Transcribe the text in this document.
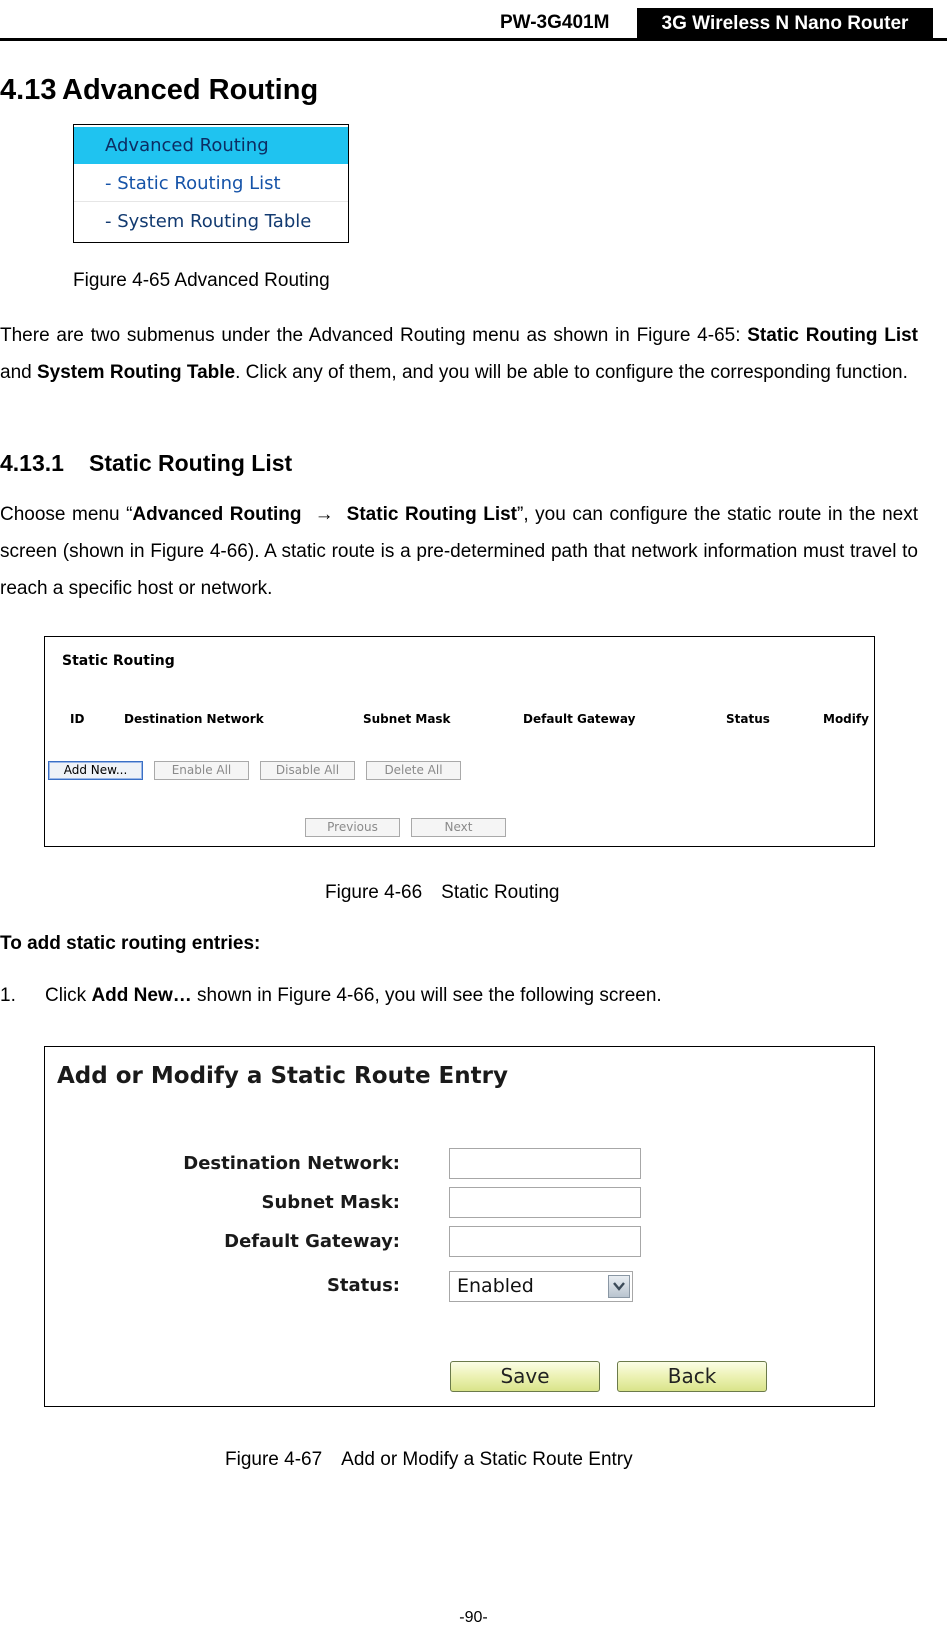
PW-3G401M	3G Wireless N Nano Router
4.13 Advanced Routing
Advanced Routing
- Static Routing List
- System Routing Table
Figure 4-65 Advanced Routing
There are two submenus under the Advanced Routing menu as shown in Figure 4-65: Static Routing List and System Routing Table. Click any of them, and you will be able to configure the corresponding function.
4.13.1 Static Routing List
Choose menu “Advanced Routing → Static Routing List”, you can configure the static route in the next screen (shown in Figure 4-66). A static route is a pre-determined path that network information must travel to reach a specific host or network.
Static Routing
ID	Destination Network	Subnet Mask	Default Gateway	Status	Modify
Add New...	Enable All	Disable All	Delete All
Previous	Next
Figure 4-66　Static Routing
To add static routing entries:
1. Click Add New… shown in Figure 4-66, you will see the following screen.
Add or Modify a Static Route Entry
Destination Network:
Subnet Mask:
Default Gateway:
Status:	Enabled
Save	Back
Figure 4-67　Add or Modify a Static Route Entry
-90-
